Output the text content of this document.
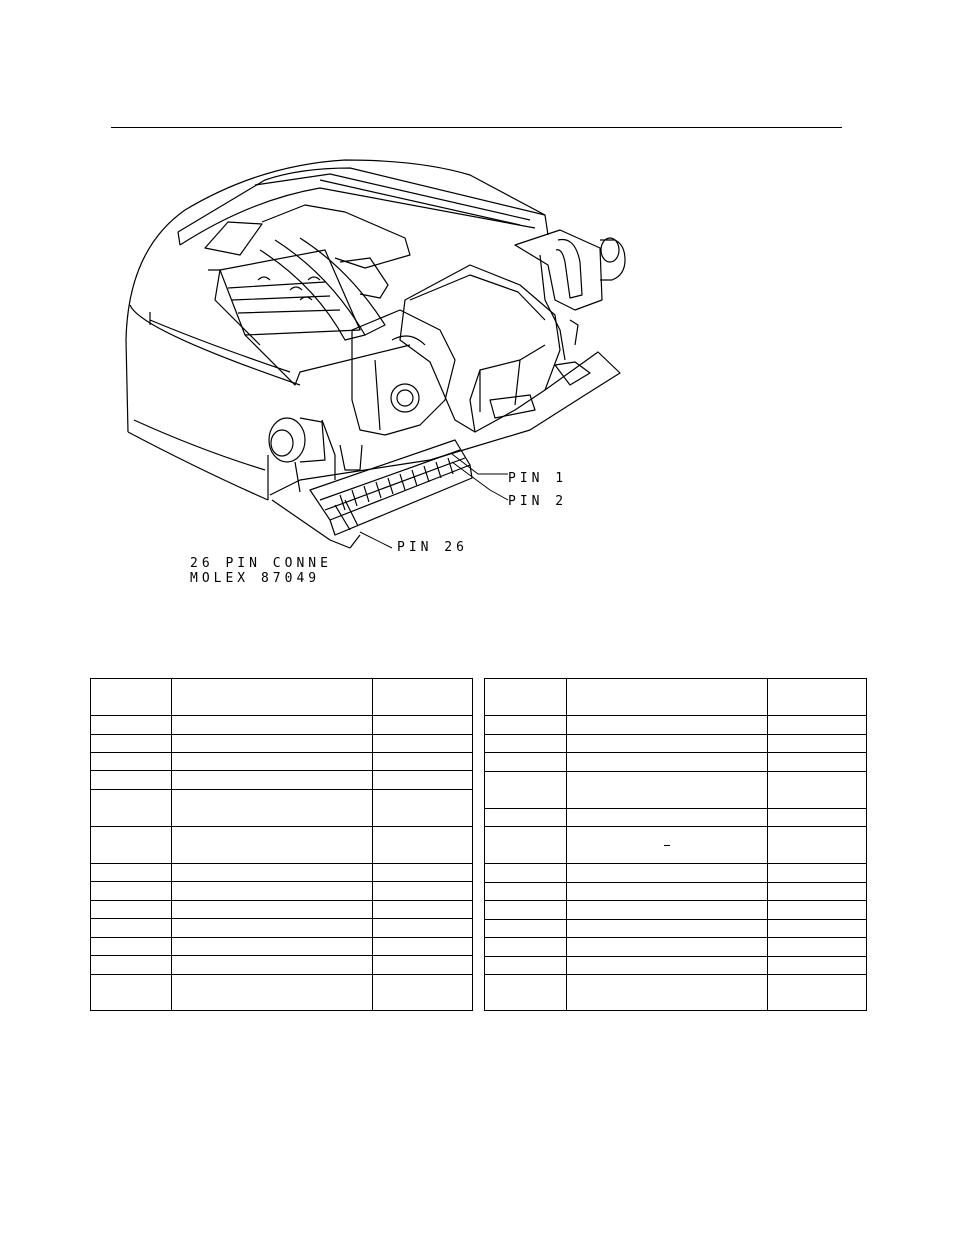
PIN 1
PIN 2
PIN 26
26 PIN CONNE
MOLEX 87049
